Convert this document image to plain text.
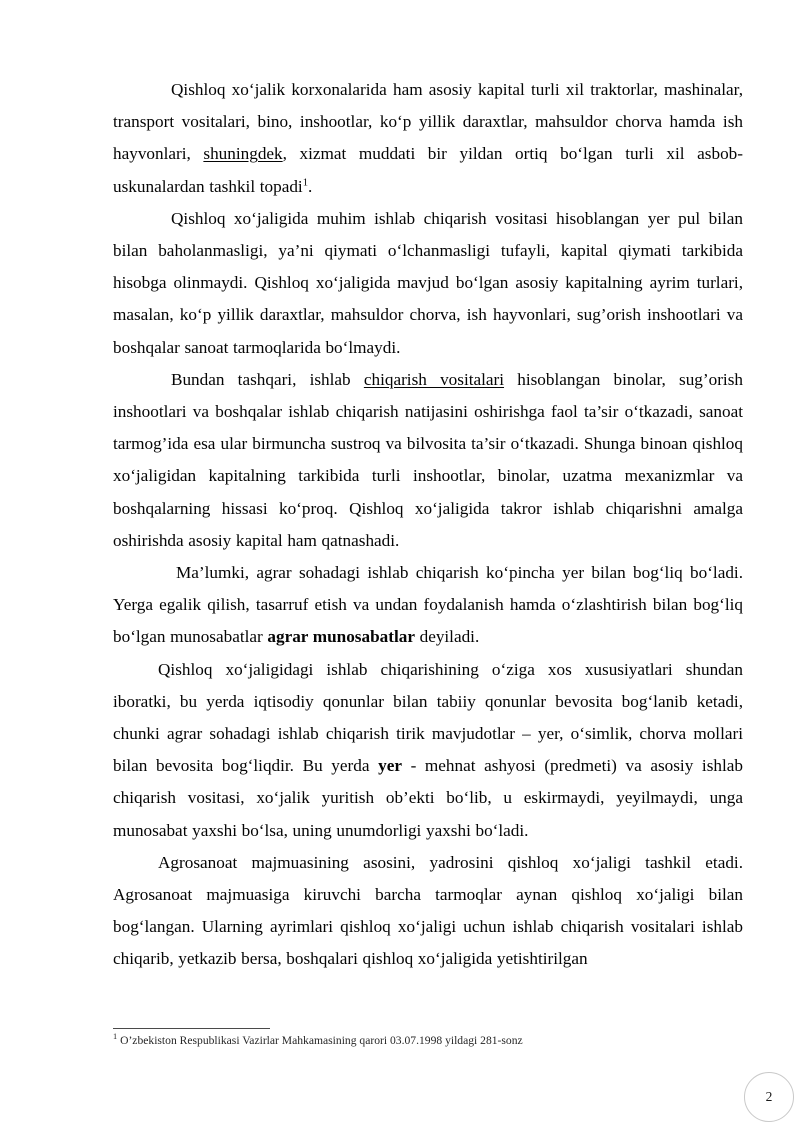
Qishloq xo‘jalik korxonalarida ham asosiy kapital turli xil traktorlar, mashinalar, transport vositalari, bino, inshootlar, ko‘p yillik daraxtlar, mahsuldor chorva hamda ish hayvonlari, shuningdek, xizmat muddati bir yildan ortiq bo‘lgan turli xil asbob-uskunalardan tashkil topadi$^1$.

Qishloq xo‘jaligida muhim ishlab chiqarish vositasi hisoblangan yer pul bilan bilan baholanmasligi, ya’ni qiymati o‘lchanmasligi tufayli, kapital qiymati tarkibida hisobga olinmaydi. Qishloq xo‘jaligida mavjud bo‘lgan asosiy kapitalning ayrim turlari, masalan, ko‘p yillik daraxtlar, mahsuldor chorva, ish hayvonlari, sug’orish inshootlari va boshqalar sanoat tarmoqlarida bo‘lmaydi.

Bundan tashqari, ishlab chiqarish vositalari hisoblangan binolar, sug’orish inshootlari va boshqalar ishlab chiqarish natijasini oshirishga faol ta’sir o‘tkazadi, sanoat tarmog’ida esa ular birmuncha sustroq va bilvosita ta’sir o‘tkazadi. Shunga binoan qishloq xo‘jaligidan kapitalning tarkibida turli inshootlar, binolar, uzatma mexanizmlar va boshqalarning hissasi ko‘proq. Qishloq xo‘jaligida takror ishlab chiqarishni amalga oshirishda asosiy kapital ham qatnashadi.

Ma’lumki, agrar sohadagi ishlab chiqarish ko‘pincha yer bilan bog‘liq bo‘ladi. Yerga egalik qilish, tasarruf etish va undan foydalanish hamda o‘zlashtirish bilan bog‘liq bo‘lgan munosabatlar agrar munosabatlar deyiladi.

Qishloq xo‘jaligidagi ishlab chiqarishining o‘ziga xos xususiyatlari shundan iboratki, bu yerda iqtisodiy qonunlar bilan tabiiy qonunlar bevosita bog‘lanib ketadi, chunki agrar sohadagi ishlab chiqarish tirik mavjudotlar – yer, o‘simlik, chorva mollari bilan bevosita bog‘liqdir. Bu yerda yer - mehnat ashyosi (predmeti) va asosiy ishlab chiqarish vositasi, xo‘jalik yuritish ob’ekti bo‘lib, u eskirmaydi, yeyilmaydi, unga munosabat yaxshi bo‘lsa, uning unumdorligi yaxshi bo‘ladi.

Agrosanoat majmuasining asosini, yadrosini qishloq xo‘jaligi tashkil etadi. Agrosanoat majmuasiga kiruvchi barcha tarmoqlar aynan qishloq xo‘jaligi bilan bog‘langan. Ularning ayrimlari qishloq xo‘jaligi uchun ishlab chiqarish vositalari ishlab chiqarib, yetkazib bersa, boshqalari qishloq xo‘jaligida yetishtirilgan

$^1$ O’zbekiston Respublikasi Vazirlar Mahkamasining qarori 03.07.1998 yildagi 281-sonz

2
